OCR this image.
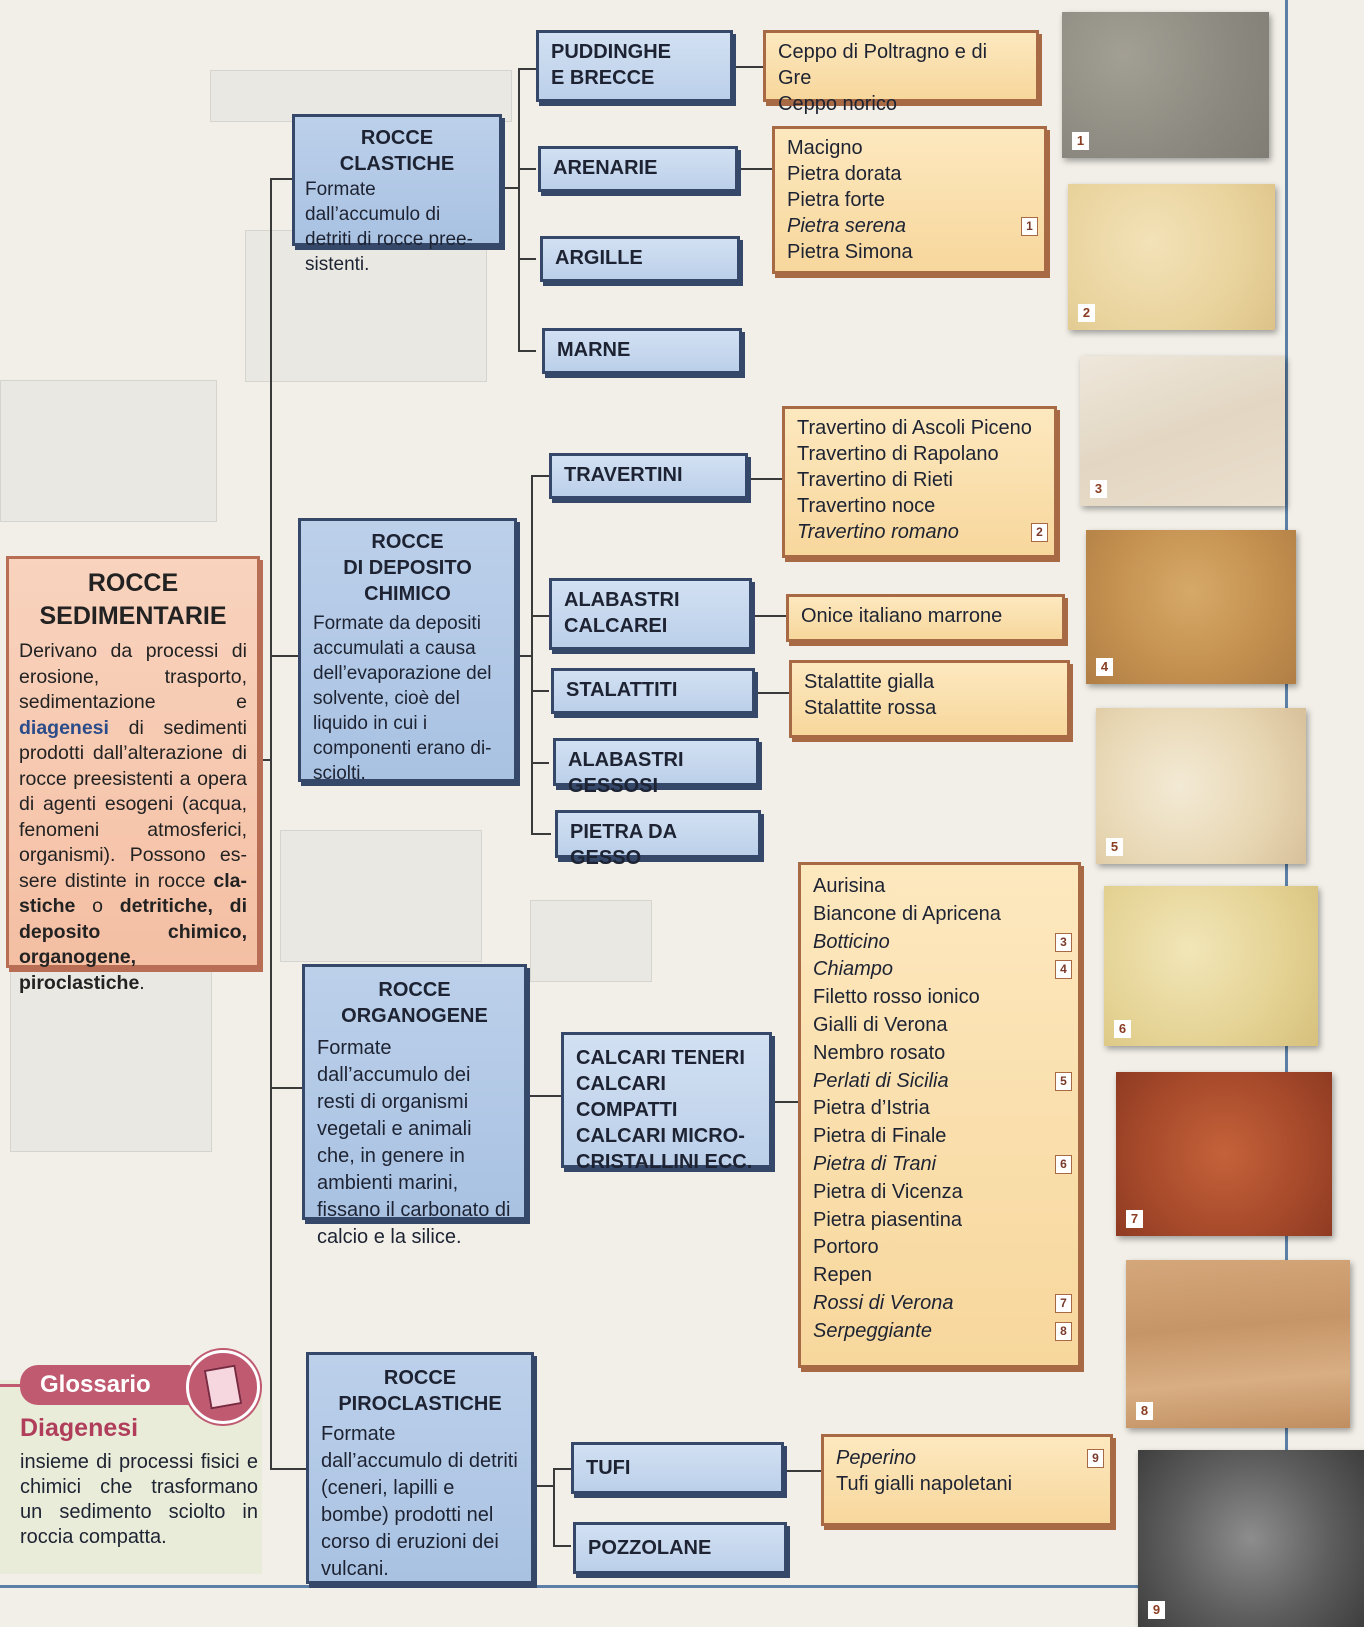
ROCCE
SEDIMENTARIE
Derivano da processi di erosione, trasporto, sedimentazione e diagenesi di sedimenti prodotti dall’alterazione di rocce preesistenti a opera di agenti esogeni (acqua, fenomeni atmosferici, organismi). Possono essere distinte in rocce clastiche o detritiche, di deposito chimico, organogene, piroclastiche.
ROCCE CLASTICHE
Formate dall’accumulo di detriti di rocce preesistenti.
ROCCE
DI DEPOSITO
CHIMICO
Formate da depositi accumulati a causa dell’evaporazione del solvente, cioè del liquido in cui i componenti erano disciolti.
ROCCE
ORGANOGENE
Formate dall’accumulo dei resti di organismi vegetali e animali che, in genere in ambienti marini, fissano il carbonato di calcio e la silice.
ROCCE
PIROCLASTICHE
Formate dall’accumulo di detriti (ceneri, lapilli e bombe) prodotti nel corso di eruzioni dei vulcani.
PUDDINGHE
E BRECCE
ARENARIE
ARGILLE
MARNE
TRAVERTINI
ALABASTRI
CALCAREI
STALATTITI
ALABASTRI GESSOSI
PIETRA DA GESSO
CALCARI TENERI
CALCARI COMPATTI
CALCARI MICRO-
CRISTALLINI ECC.
TUFI
POZZOLANE
Ceppo di Poltragno e di Gre
Ceppo norico
Macigno
Pietra dorata
Pietra forte
Pietra serena	1
Pietra Simona
Travertino di Ascoli Piceno
Travertino di Rapolano
Travertino di Rieti
Travertino noce
Travertino romano	2
Onice italiano marrone
Stalattite gialla
Stalattite rossa
Aurisina
Biancone di Apricena
Botticino	3
Chiampo	4
Filetto rosso ionico
Gialli di Verona
Nembro rosato
Perlati di Sicilia	5
Pietra d’Istria
Pietra di Finale
Pietra di Trani	6
Pietra di Vicenza
Pietra piasentina
Portoro
Repen
Rossi di Verona	7
Serpeggiante	8
Peperino	9
Tufi gialli napoletani
1
2
3
4
5
6
7
8
9
Glossario
Diagenesi
insieme di processi fisici e chimici che trasformano un sedimento sciolto in roccia compatta.
